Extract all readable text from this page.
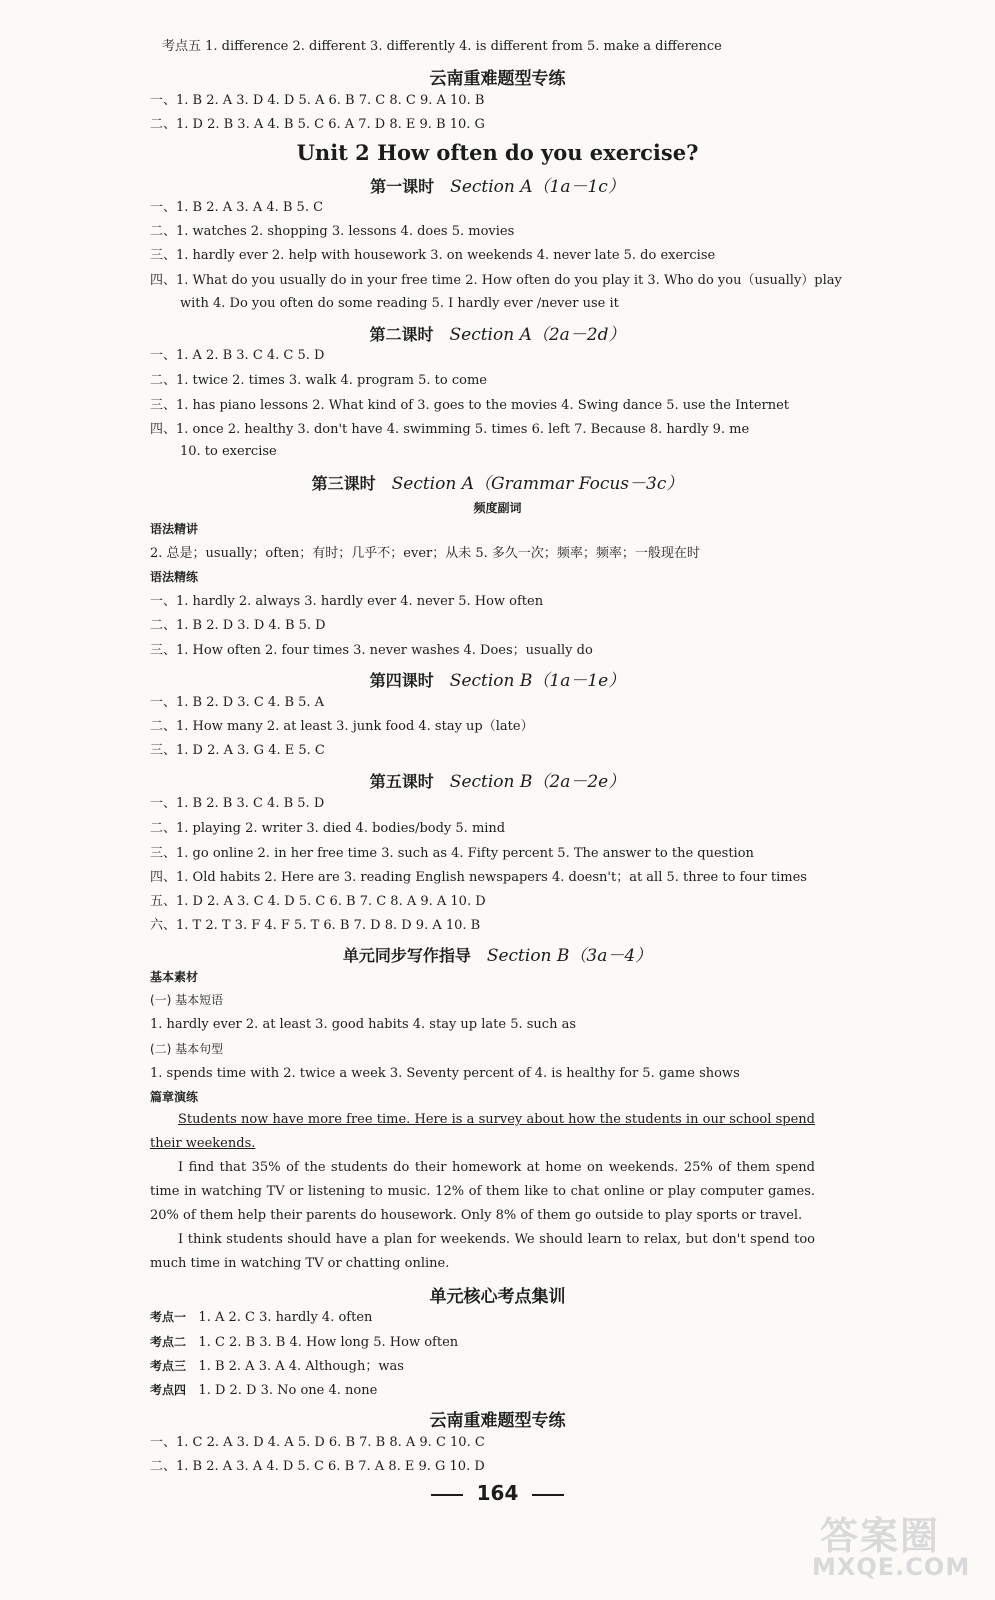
考点五 1. difference 2. different 3. differently 4. is different from 5. make a difference
云南重难题型专练
一、1. B 2. A 3. D 4. D 5. A 6. B 7. C 8. C 9. A 10. B
二、1. D 2. B 3. A 4. B 5. C 6. A 7. D 8. E 9. B 10. G
Unit 2 How often do you exercise?
第一课时 Section A（1a－1c）
一、1. B 2. A 3. A 4. B 5. C
二、1. watches 2. shopping 3. lessons 4. does 5. movies
三、1. hardly ever 2. help with housework 3. on weekends 4. never late 5. do exercise
四、1. What do you usually do in your free time 2. How often do you play it 3. Who do you（usually）play
with 4. Do you often do some reading 5. I hardly ever /never use it
第二课时 Section A（2a－2d）
一、1. A 2. B 3. C 4. C 5. D
二、1. twice 2. times 3. walk 4. program 5. to come
三、1. has piano lessons 2. What kind of 3. goes to the movies 4. Swing dance 5. use the Internet
四、1. once 2. healthy 3. don't have 4. swimming 5. times 6. left 7. Because 8. hardly 9. me
10. to exercise
第三课时 Section A（Grammar Focus－3c）
频度副词
语法精讲
2. 总是；usually；often；有时；几乎不；ever；从未 5. 多久一次；频率；频率；一般现在时
语法精练
一、1. hardly 2. always 3. hardly ever 4. never 5. How often
二、1. B 2. D 3. D 4. B 5. D
三、1. How often 2. four times 3. never washes 4. Does；usually do
第四课时 Section B（1a－1e）
一、1. B 2. D 3. C 4. B 5. A
二、1. How many 2. at least 3. junk food 4. stay up（late）
三、1. D 2. A 3. G 4. E 5. C
第五课时 Section B（2a－2e）
一、1. B 2. B 3. C 4. B 5. D
二、1. playing 2. writer 3. died 4. bodies/body 5. mind
三、1. go online 2. in her free time 3. such as 4. Fifty percent 5. The answer to the question
四、1. Old habits 2. Here are 3. reading English newspapers 4. doesn't；at all 5. three to four times
五、1. D 2. A 3. C 4. D 5. C 6. B 7. C 8. A 9. A 10. D
六、1. T 2. T 3. F 4. F 5. T 6. B 7. D 8. D 9. A 10. B
单元同步写作指导 Section B（3a－4）
基本素材
(一) 基本短语
1. hardly ever 2. at least 3. good habits 4. stay up late 5. such as
(二) 基本句型
1. spends time with 2. twice a week 3. Seventy percent of 4. is healthy for 5. game shows
篇章演练

Students now have more free time. Here is a survey about how the students in our school spend their weekends.

I find that 35% of the students do their homework at home on weekends. 25% of them spend time in watching TV or listening to music. 12% of them like to chat online or play computer games. 20% of them help their parents do housework. Only 8% of them go outside to play sports or travel.

I think students should have a plan for weekends. We should learn to relax, but don't spend too much time in watching TV or chatting online.

单元核心考点集训
考点一 1. A 2. C 3. hardly 4. often
考点二 1. C 2. B 3. B 4. How long 5. How often
考点三 1. B 2. A 3. A 4. Although；was
考点四 1. D 2. D 3. No one 4. none
云南重难题型专练
一、1. C 2. A 3. D 4. A 5. D 6. B 7. B 8. A 9. C 10. C
二、1. B 2. A 3. A 4. D 5. C 6. B 7. A 8. E 9. G 10. D
164
答案圈
MXQE.COM
